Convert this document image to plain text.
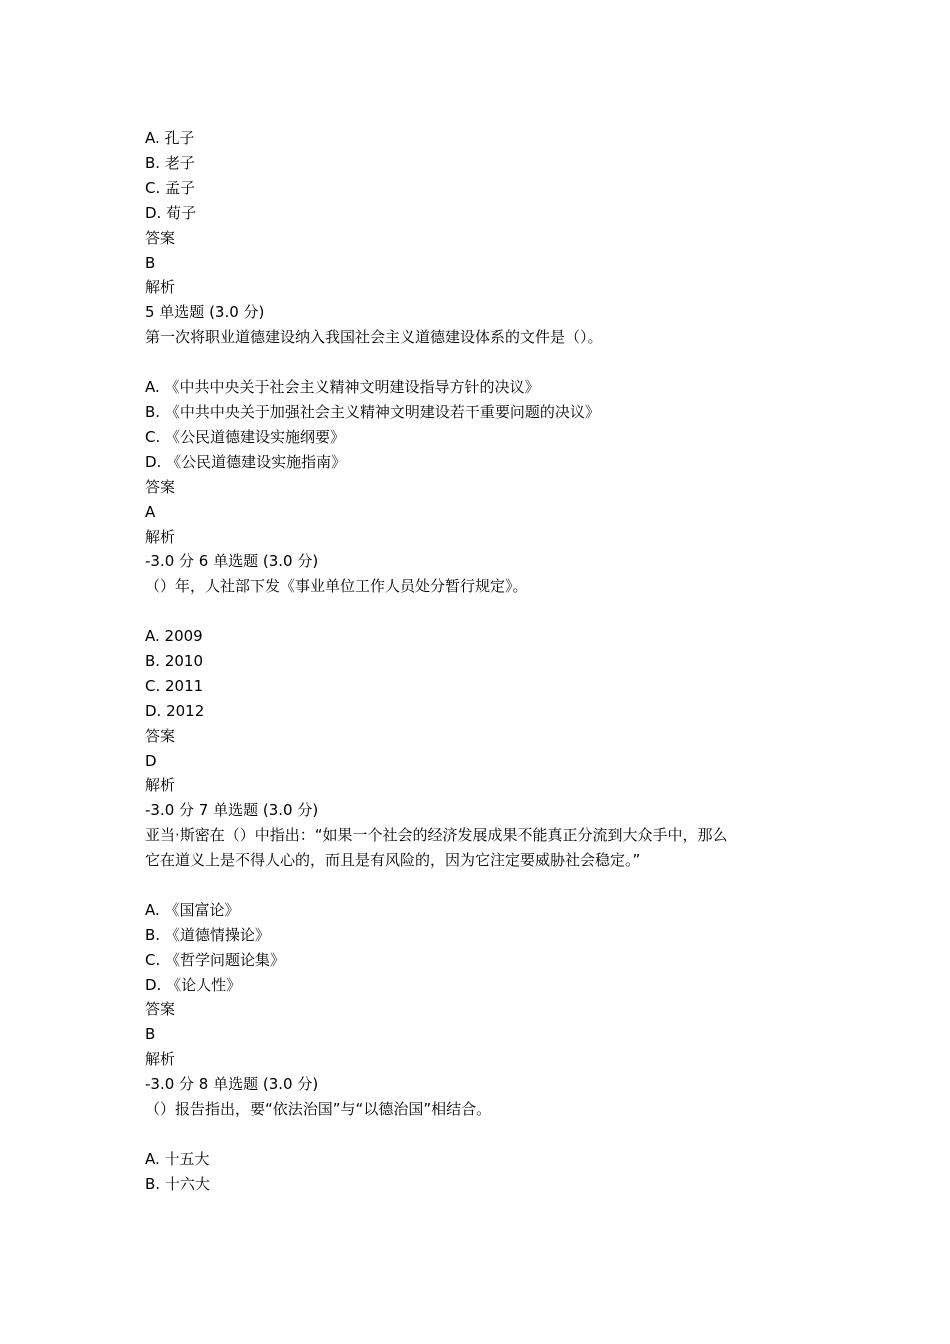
A. 孔子
B. 老子
C. 孟子
D. 荀子
答案
B
解析
5 单选题 (3.0 分)
第一次将职业道德建设纳入我国社会主义道德建设体系的文件是（）。
A. 《中共中央关于社会主义精神文明建设指导方针的决议》
B. 《中共中央关于加强社会主义精神文明建设若干重要问题的决议》
C. 《公民道德建设实施纲要》
D. 《公民道德建设实施指南》
答案
A
解析
-3.0 分 6 单选题 (3.0 分)
（）年，人社部下发《事业单位工作人员处分暂行规定》。
A. 2009
B. 2010
C. 2011
D. 2012
答案
D
解析
-3.0 分 7 单选题 (3.0 分)
亚当·斯密在（）中指出：“如果一个社会的经济发展成果不能真正分流到大众手中，那么
它在道义上是不得人心的，而且是有风险的，因为它注定要威胁社会稳定。”
A. 《国富论》
B. 《道德情操论》
C. 《哲学问题论集》
D. 《论人性》
答案
B
解析
-3.0 分 8 单选题 (3.0 分)
（）报告指出，要“依法治国”与“以德治国”相结合。
A. 十五大
B. 十六大
